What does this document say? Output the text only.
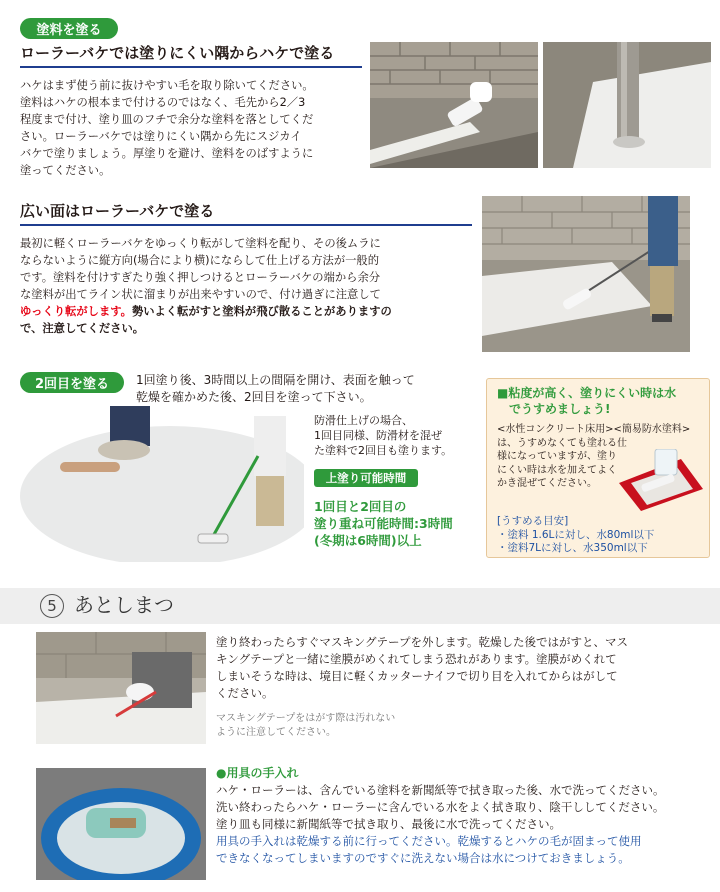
塗料を塗る
ローラーバケでは塗りにくい隅からハケで塗る
ハケはまず使う前に抜けやすい毛を取り除いてください。
塗料はハケの根本まで付けるのではなく、毛先から2／3
程度まで付け、塗り皿のフチで余分な塗料を落としてくだ
さい。ローラーバケでは塗りにくい隅から先にスジカイ
バケで塗りましょう。厚塗りを避け、塗料をのばすように
塗ってください。
広い面はローラーバケで塗る
最初に軽くローラーバケをゆっくり転がして塗料を配り、その後ムラに
ならないように縦方向(場合により横)にならして仕上げる方法が一般的
です。塗料を付けすぎたり強く押しつけるとローラーバケの端から余分
な塗料が出てライン状に溜まりが出来やすいので、付け過ぎに注意して
ゆっくり転がします。勢いよく転がすと塗料が飛び散ることがありますの
で、注意してください。
2回目を塗る	1回塗り後、3時間以上の間隔を開け、表面を触って
乾燥を確かめた後、2回目を塗って下さい。
防滑仕上げの場合、
1回目同様、防滑材を混ぜ
た塗料で2回目も塗ります。
上塗り可能時間
1回目と2回目の
塗り重ね可能時間:3時間
(冬期は6時間)以上
■粘度が高く、塗りにくい時は水
でうすめましょう!
<水性コンクリート床用><簡易防水塗料>
は、うすめなくても塗れる仕
様になっていますが、塗り
にくい時は水を加えてよく
かき混ぜてください。
[うすめる目安]
・塗料 1.6Lに対し、水80ml以下
・塗料7Lに対し、水350ml以下
5 あとしまつ
塗り終わったらすぐマスキングテープを外します。乾燥した後ではがすと、マス
キングテープと一緒に塗膜がめくれてしまう恐れがあります。塗膜がめくれて
しまいそうな時は、境目に軽くカッターナイフで切り目を入れてからはがして
ください。
マスキングテープをはがす際は汚れない
ように注意してください。
●用具の手入れ
ハケ・ローラーは、含んでいる塗料を新聞紙等で拭き取った後、水で洗ってください。
洗い終わったらハケ・ローラーに含んでいる水をよく拭き取り、陰干ししてください。
塗り皿も同様に新聞紙等で拭き取り、最後に水で洗ってください。
用具の手入れは乾燥する前に行ってください。乾燥するとハケの毛が固まって使用
できなくなってしまいますのですぐに洗えない場合は水につけておきましょう。
